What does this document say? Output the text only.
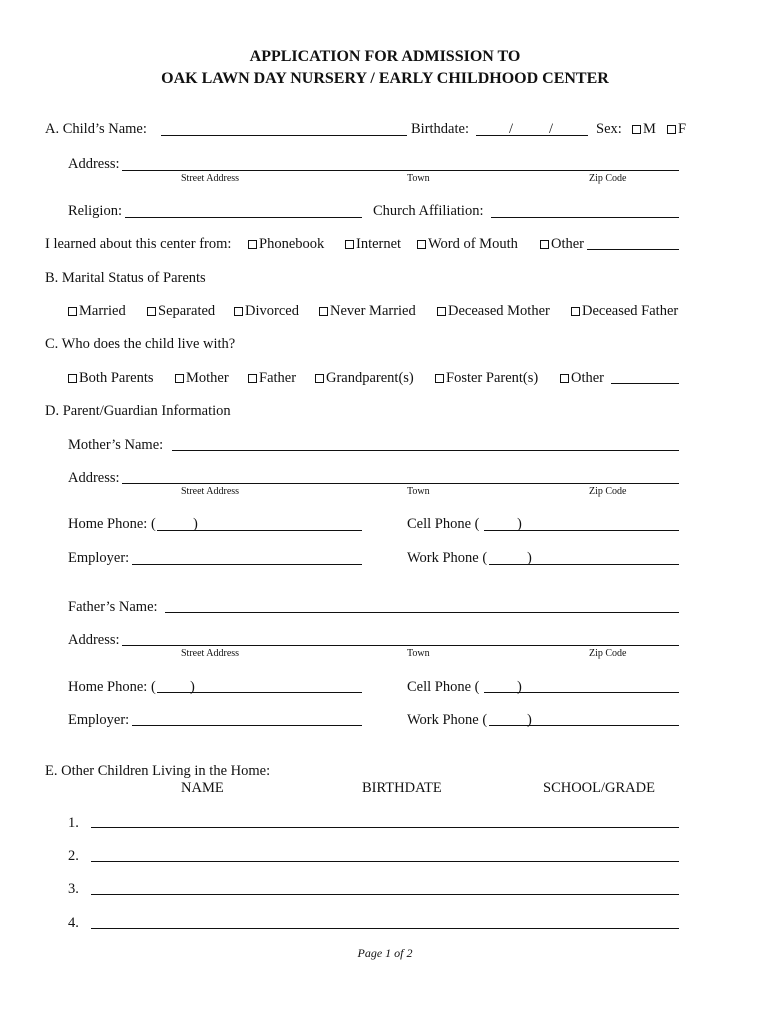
APPLICATION FOR ADMISSION TO
OAK LAWN DAY NURSERY / EARLY CHILDHOOD CENTER
A. Child’s Name:	Birthdate:	/ /	Sex: M F
Address:
Street Address	Town	Zip Code
Religion:	Church Affiliation:
I learned about this center from: Phonebook Internet Word of Mouth Other
B. Marital Status of Parents
Married Separated Divorced Never Married Deceased Mother Deceased Father
C. Who does the child live with?
Both Parents Mother Father Grandparent(s) Foster Parent(s) Other
D. Parent/Guardian Information
Mother’s Name:
Address:
Street Address	Town	Zip Code
Home Phone: (	)	Cell Phone (	)
Employer:	Work Phone (	)
Father’s Name:
Address:
Street Address	Town	Zip Code
Home Phone: ( )	Cell Phone (	)
Employer:	Work Phone (	)
E. Other Children Living in the Home:
NAME	BIRTHDATE	SCHOOL/GRADE
1.
2.
3.
4.
Page 1 of 2
